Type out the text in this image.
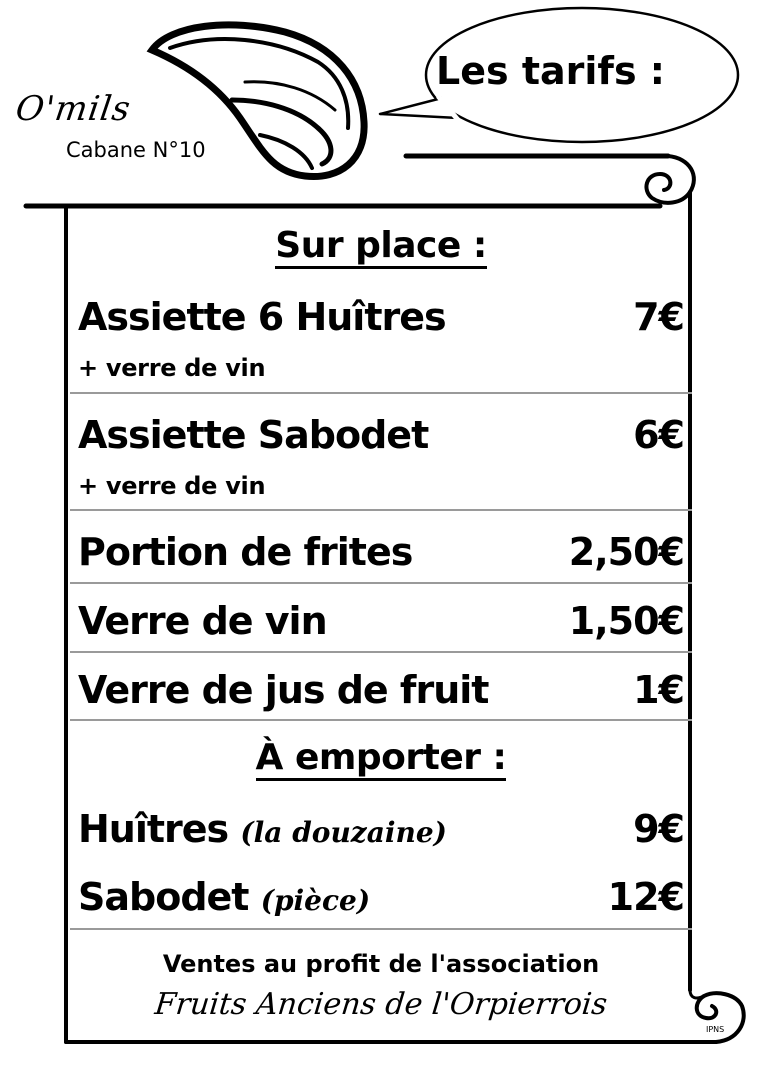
O'mils
Cabane N°10
Les tarifs :
Sur place :
Assiette 6 Huîtres	7€
+ verre de vin
Assiette Sabodet	6€
+ verre de vin
Portion de frites	2,50€
Verre de vin	1,50€
Verre de jus de fruit	1€
À emporter :
Huîtres (la douzaine)	9€
Sabodet (pièce)	12€
Ventes au profit de l'association
Fruits Anciens de l'Orpierrois
IPNS
